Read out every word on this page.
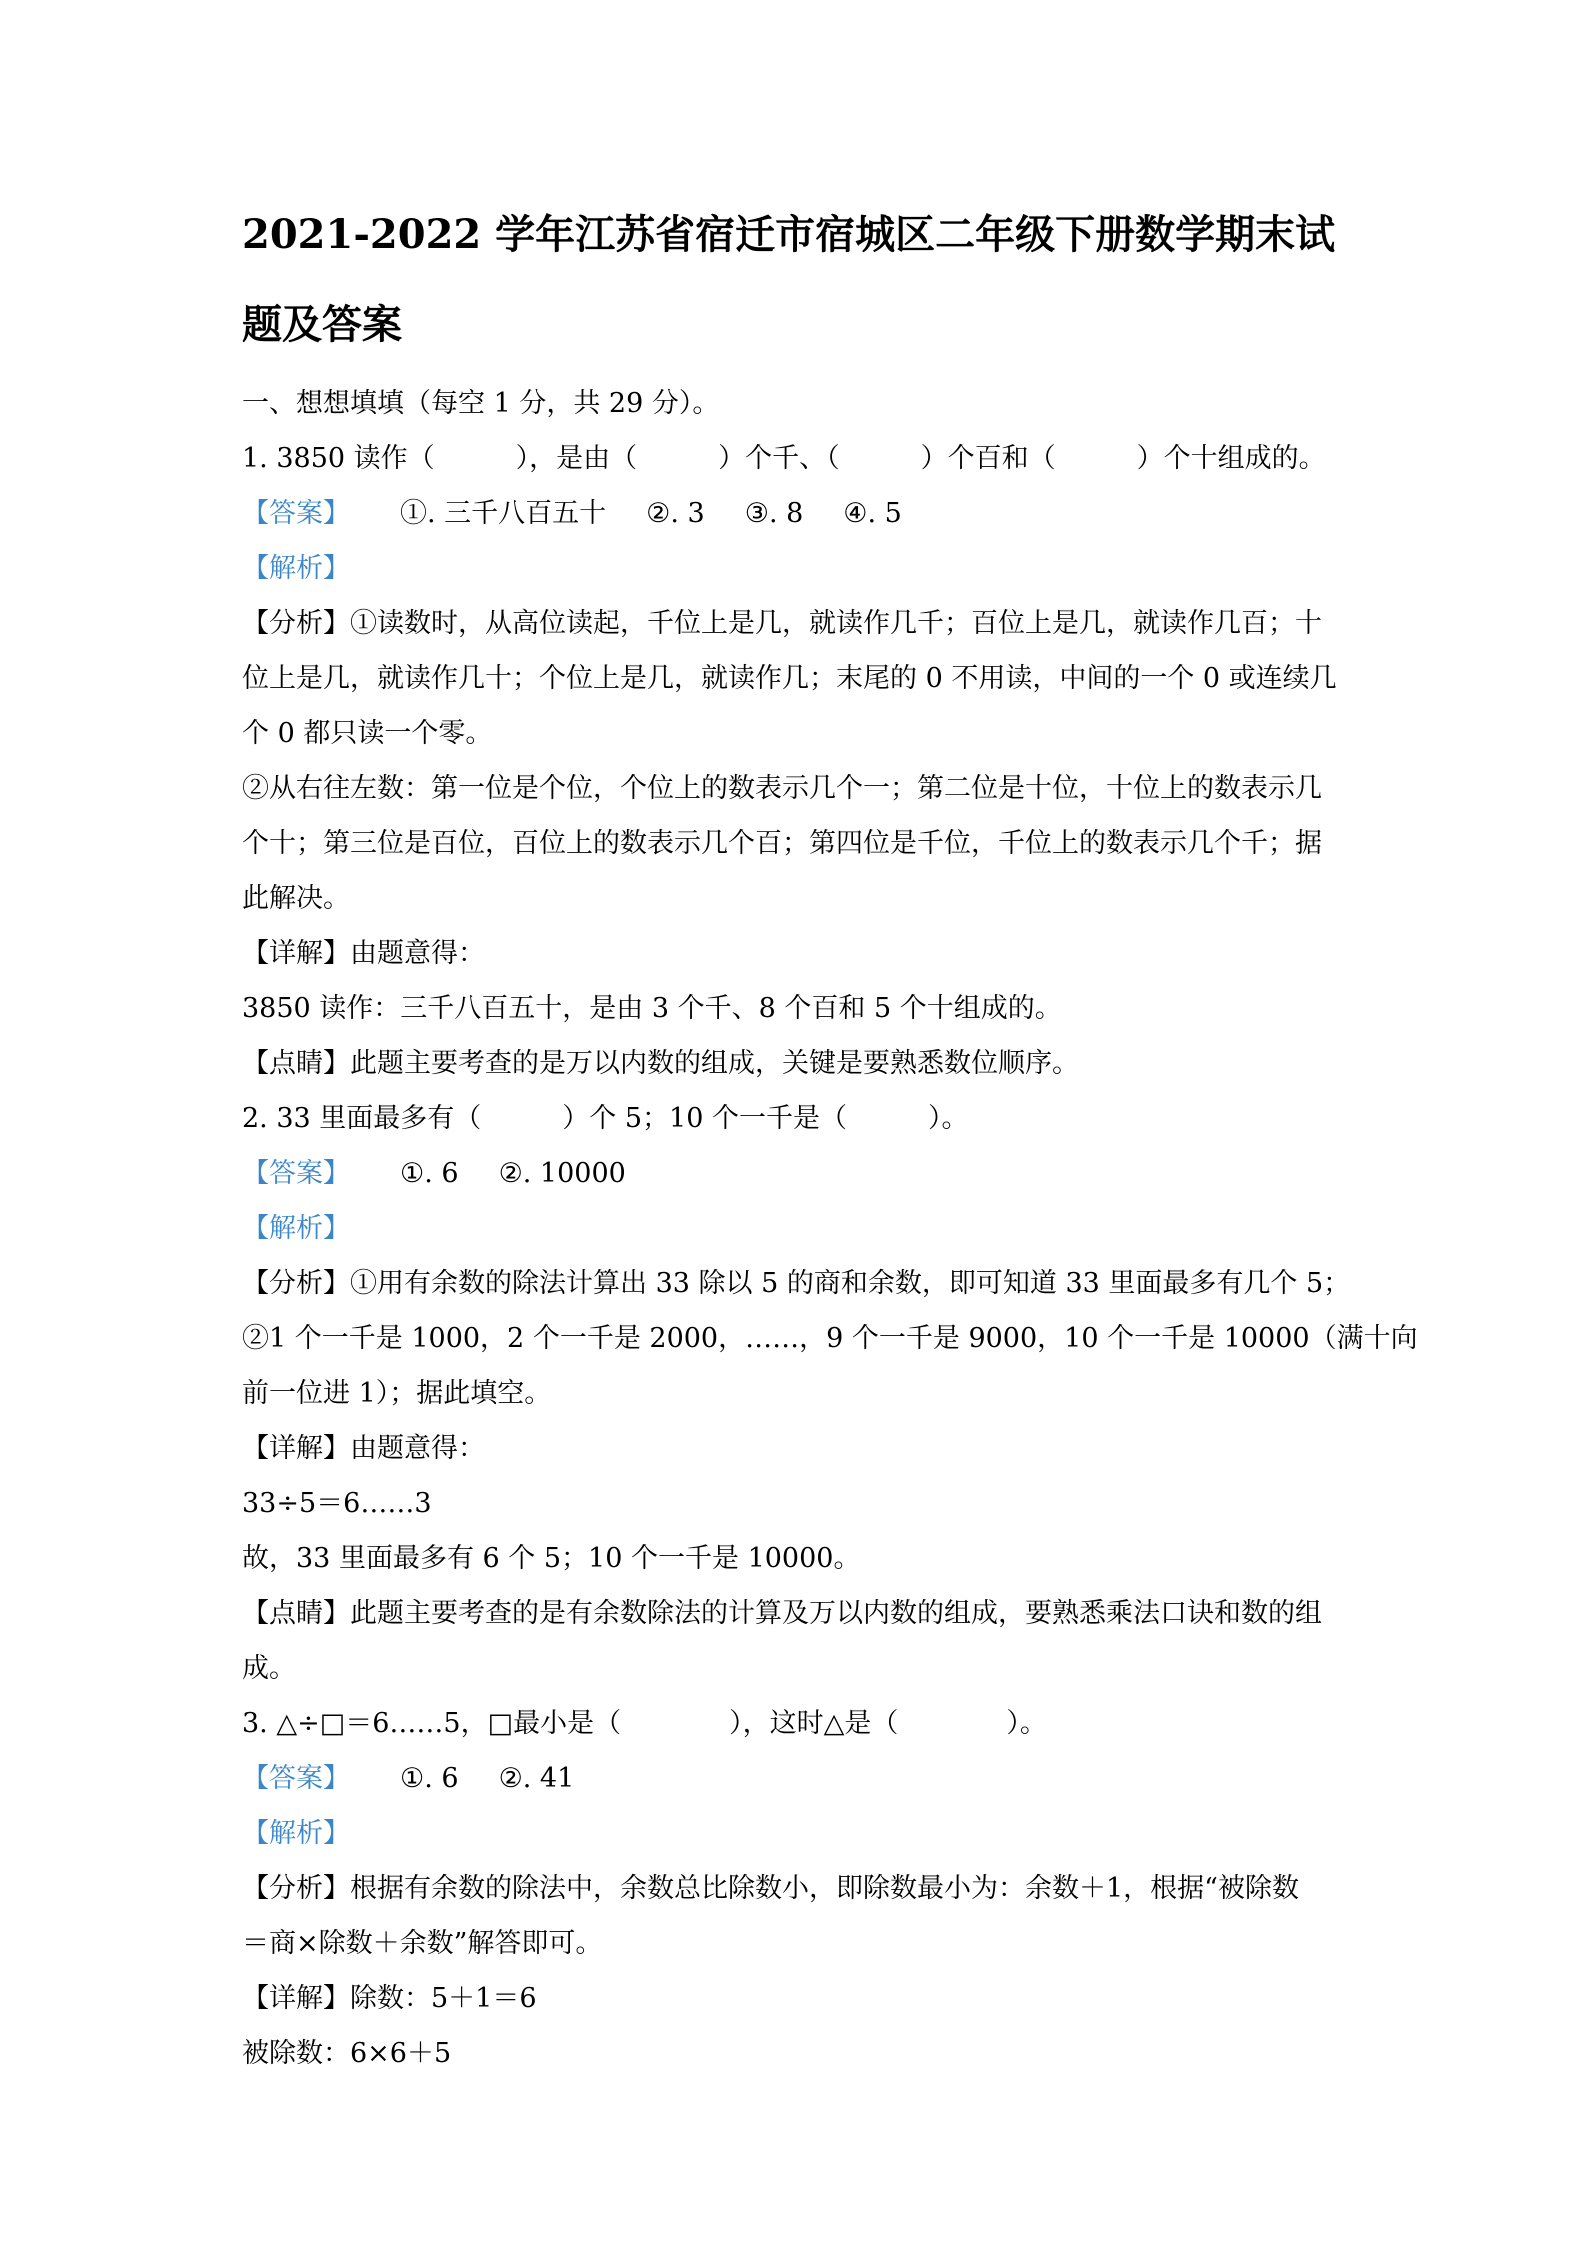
2021-2022 学年江苏省宿迁市宿城区二年级下册数学期末试
题及答案
一、想想填填（每空 1 分，共 29 分）。
1. 3850 读作（　　　），是由（　　　）个千、（　　　）个百和（　　　）个十组成的。
【答案】 ①. 三千八百五十 ②. 3 ③. 8 ④. 5
【解析】
【分析】①读数时，从高位读起，千位上是几，就读作几千；百位上是几，就读作几百；十
位上是几，就读作几十；个位上是几，就读作几；末尾的 0 不用读，中间的一个 0 或连续几
个 0 都只读一个零。
②从右往左数：第一位是个位，个位上的数表示几个一；第二位是十位，十位上的数表示几
个十；第三位是百位，百位上的数表示几个百；第四位是千位，千位上的数表示几个千；据
此解决。
【详解】由题意得：
3850 读作：三千八百五十，是由 3 个千、8 个百和 5 个十组成的。
【点睛】此题主要考查的是万以内数的组成，关键是要熟悉数位顺序。
2. 33 里面最多有（　　　）个 5；10 个一千是（　　　）。
【答案】 ①. 6 ②. 10000
【解析】
【分析】①用有余数的除法计算出 33 除以 5 的商和余数，即可知道 33 里面最多有几个 5；
②1 个一千是 1000，2 个一千是 2000，……，9 个一千是 9000，10 个一千是 10000（满十向
前一位进 1）；据此填空。
【详解】由题意得：
33÷5＝6……3
故，33 里面最多有 6 个 5；10 个一千是 10000。
【点睛】此题主要考查的是有余数除法的计算及万以内数的组成，要熟悉乘法口诀和数的组
成。
3. △÷□＝6……5，□最小是（　　　　），这时△是（　　　　）。
【答案】 ①. 6 ②. 41
【解析】
【分析】根据有余数的除法中，余数总比除数小，即除数最小为：余数＋1，根据“被除数
＝商×除数＋余数”解答即可。
【详解】除数：5＋1＝6
被除数：6×6＋5
